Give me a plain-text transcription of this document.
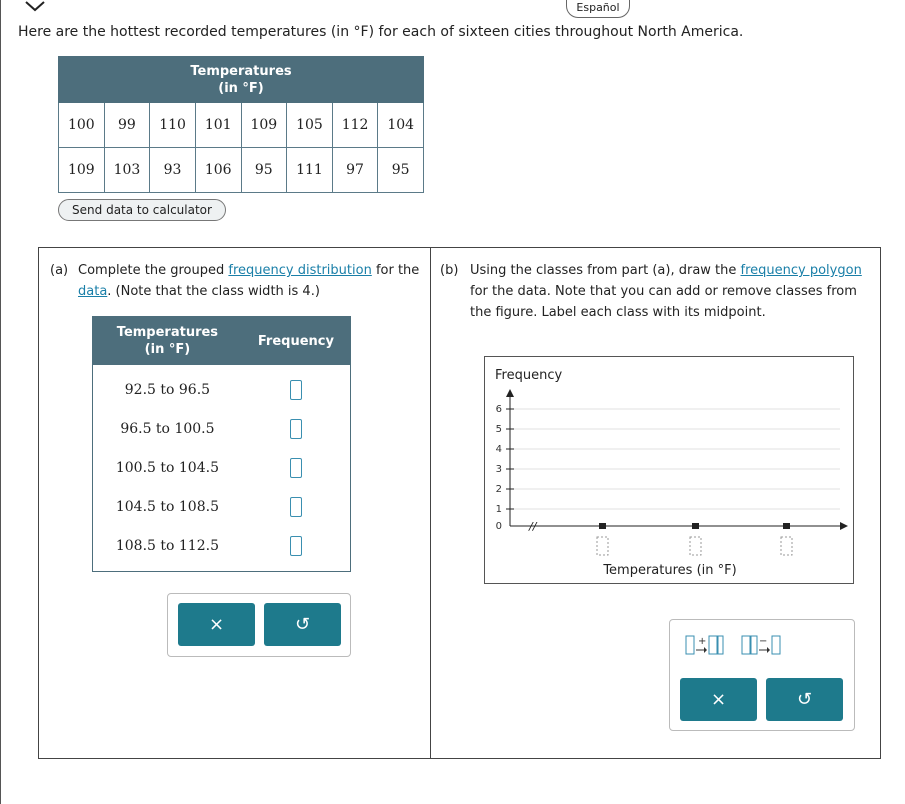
Español
Here are the hottest recorded temperatures (in °F) for each of sixteen cities throughout North America.
Temperatures
(in °F)							

100	99	110	101	109	105	112	104
109	103	93	106	95	111	97	95
Send data to calculator
(a) Complete the grouped frequency distribution for the data. (Note that the class width is 4.)
Temperatures
(in °F)
Frequency
92.5 to 96.5
96.5 to 100.5
100.5 to 104.5
104.5 to 108.5
108.5 to 112.5
×	↺
(b) Using the classes from part (a), draw the frequency polygon for the data. Note that you can add or remove classes from the figure. Label each class with its midpoint.
Frequency
0
1
2
3
4
5
6
//
Temperatures (in °F)
+	−
×	↺
